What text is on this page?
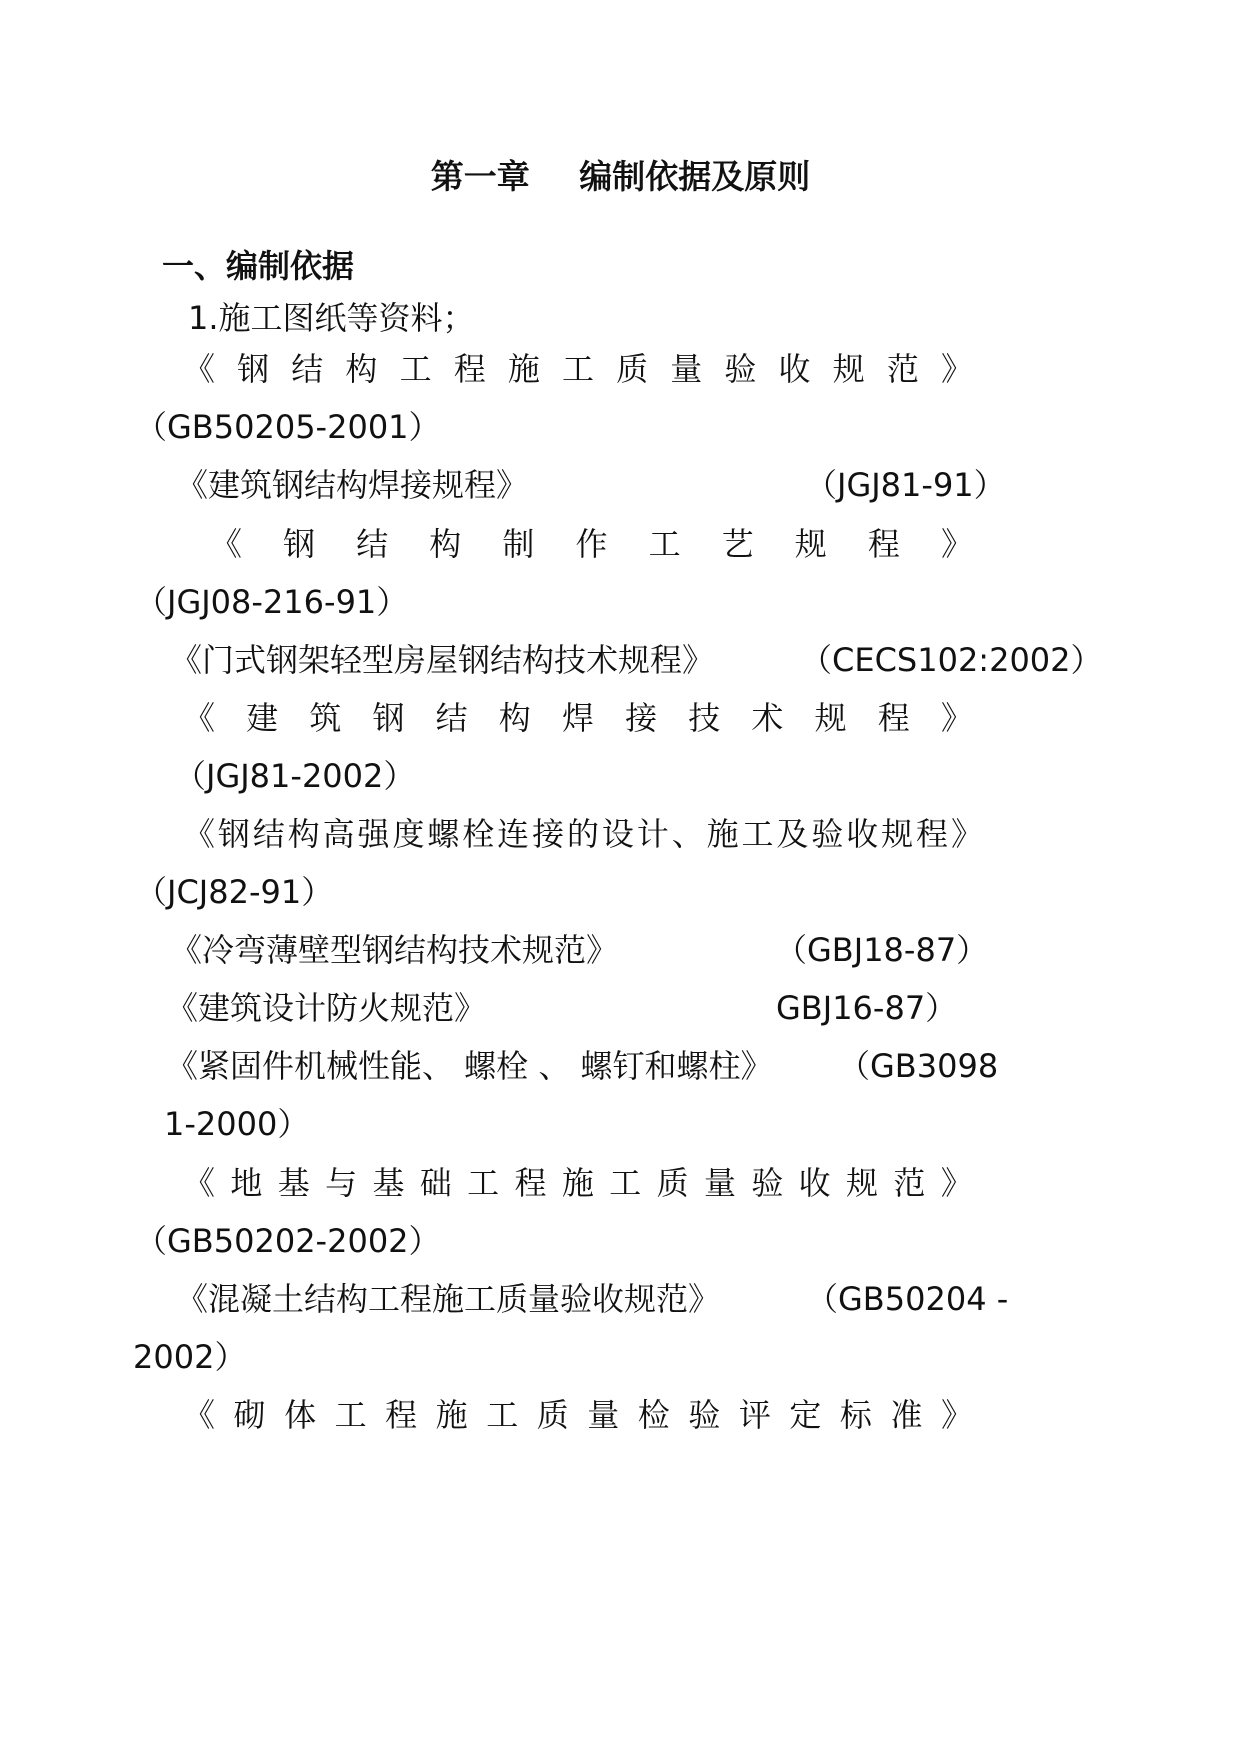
第一章 编制依据及原则
一、编制依据
1.施工图纸等资料；
《 钢 结 构 工 程 施 工 质 量 验 收 规 范 》
（GB50205-2001）
《建筑钢结构焊接规程》	（JGJ81-91）
《 钢 结 构 制 作 工 艺 规 程 》
（JGJ08-216-91）
《门式钢架轻型房屋钢结构技术规程》	（CECS102:2002）
《 建 筑 钢 结 构 焊 接 技 术 规 程 》
（JGJ81-2002）
《 钢 结 构 高 强 度 螺 栓 连 接 的 设 计 、 施 工 及 验 收 规 程 》
（JCJ82-91）
《冷弯薄壁型钢结构技术规范》	（GBJ18-87）
《建筑设计防火规范》	GBJ16-87）
《紧固件机械性能、 螺栓 、 螺钉和螺柱》 （GB3098
1-2000）
《 地 基 与 基 础 工 程 施 工 质 量 验 收 规 范 》
（GB50202-2002）
《混凝土结构工程施工质量验收规范》	（GB50204 -
2002）
《 砌 体 工 程 施 工 质 量 检 验 评 定 标 准 》
